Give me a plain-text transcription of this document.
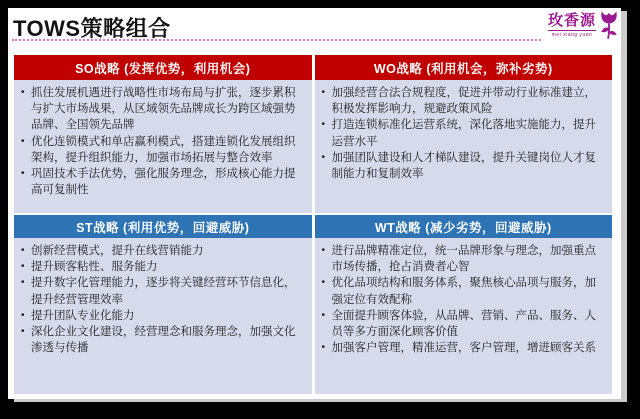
TOWS策略组合	玫香源
mei xiang yuan
SO战略 (发挥优势，利用机会)	WO战略 (利用机会，弥补劣势)
• 抓住发展机遇进行战略性市场布局与扩张，逐步累积与扩大市场战果，从区域领先品牌成长为跨区域强势品牌、全国领先品牌
• 优化连锁模式和单店赢利模式，搭建连锁化发展组织架构，提升组织能力，加强市场拓展与整合效率
• 巩固技术手法优势，强化服务理念，形成核心能力提高可复制性
• 加强经营合法合规程度，促进并带动行业标准建立，积极发挥影响力，规避政策风险
• 打造连锁标准化运营系统，深化落地实施能力，提升运营水平
• 加强团队建设和人才梯队建设，提升关键岗位人才复制能力和复制效率
ST战略 (利用优势，回避威胁)	WT战略 (减少劣势，回避威胁)
• 创新经营模式，提升在线营销能力
• 提升顾客粘性、服务能力
• 提升数字化管理能力，逐步将关键经营环节信息化，提升经营管理效率
• 提升团队专业化能力
• 深化企业文化建设，经营理念和服务理念，加强文化渗透与传播
• 进行品牌精准定位，统一品牌形象与理念，加强重点市场传播，抢占消费者心智
• 优化品项结构和服务体系，聚焦核心品项与服务，加强定位有效配称
• 全面提升顾客体验，从品牌、营销、产品、服务、人员等多方面深化顾客价值
• 加强客户管理，精准运营，客户管理，增进顾客关系
